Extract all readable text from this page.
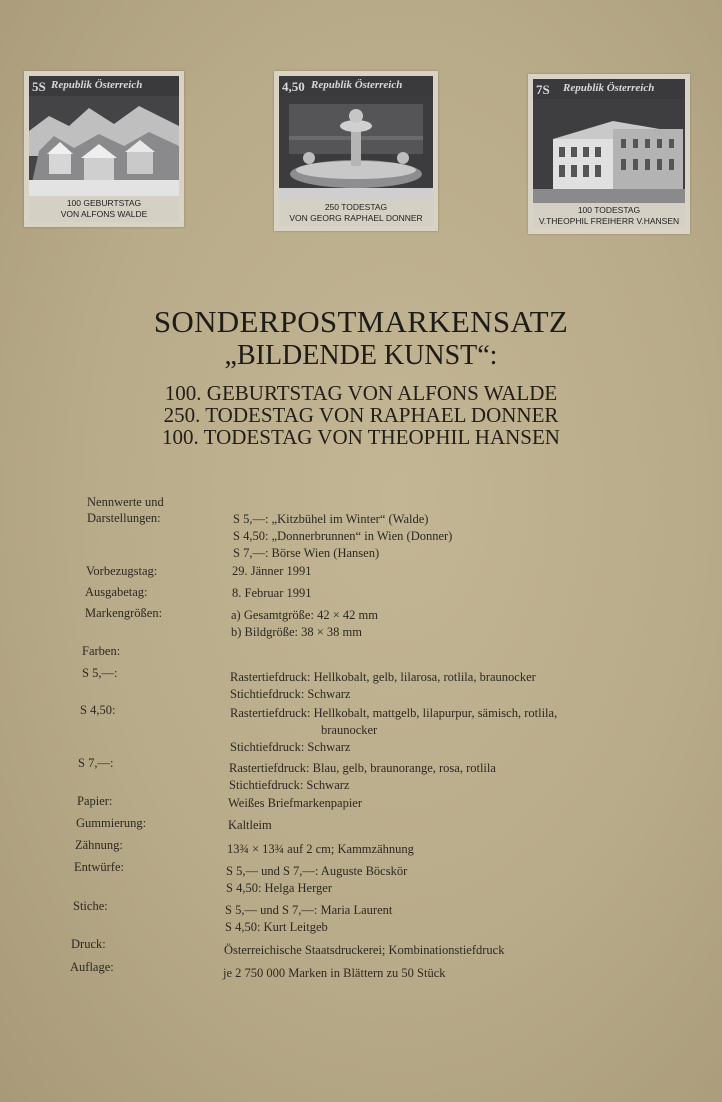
5S Republik Österreich
100 GEBURTSTAG
VON ALFONS WALDE
4,50 Republik Österreich
250 TODESTAG
VON GEORG RAPHAEL DONNER
7S Republik Österreich
100 TODESTAG
V.THEOPHIL FREIHERR V.HANSEN
SONDERPOSTMARKENSATZ
„BILDENDE KUNST“:
100. GEBURTSTAG VON ALFONS WALDE
250. TODESTAG VON RAPHAEL DONNER
100. TODESTAG VON THEOPHIL HANSEN
Nennwerte und
Darstellungen:	S 5,—: „Kitzbühel im Winter“ (Walde)
S 4,50: „Donnerbrunnen“ in Wien (Donner)
S 7,—: Börse Wien (Hansen)
Vorbezugstag:	29. Jänner 1991
Ausgabetag:	8. Februar 1991
Markengrößen:	a) Gesamtgröße: 42 × 42 mm
b) Bildgröße: 38 × 38 mm
Farben:
S 5,—:	Rastertiefdruck: Hellkobalt, gelb, lilarosa, rotlila, braunocker
Stichtiefdruck: Schwarz
S 4,50:	Rastertiefdruck: Hellkobalt, mattgelb, lilapurpur, sämisch, rotlila,
braunocker
Stichtiefdruck: Schwarz
S 7,—:	Rastertiefdruck: Blau, gelb, braunorange, rosa, rotlila
Stichtiefdruck: Schwarz
Papier:	Weißes Briefmarkenpapier
Gummierung:	Kaltleim
Zähnung:	13¾ × 13¾ auf 2 cm; Kammzähnung
Entwürfe:	S 5,— und S 7,—: Auguste Böcskör
S 4,50: Helga Herger
Stiche:	S 5,— und S 7,—: Maria Laurent
S 4,50: Kurt Leitgeb
Druck:	Österreichische Staatsdruckerei; Kombinationstiefdruck
Auflage:	je 2 750 000 Marken in Blättern zu 50 Stück
